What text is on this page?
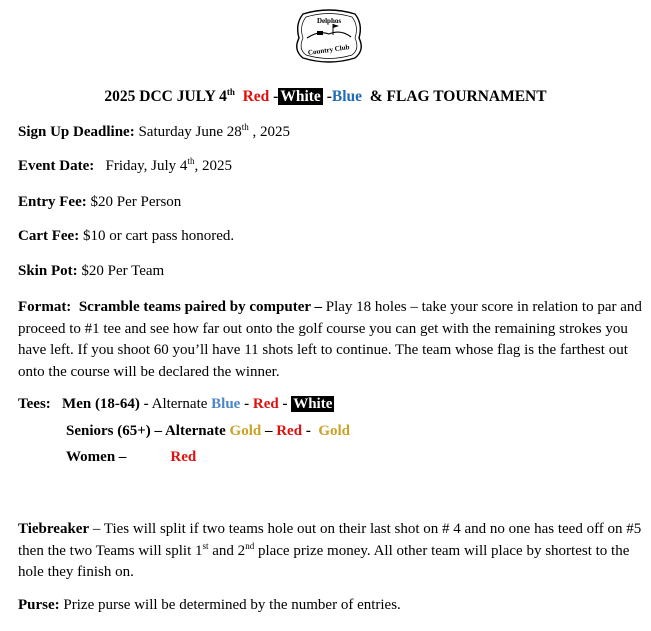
Delphos
Country Club
2025 DCC JULY 4th Red - White -Blue & FLAG TOURNAMENT
Sign Up Deadline: Saturday June 28th , 2025
Event Date: Friday, July 4th, 2025
Entry Fee: $20 Per Person
Cart Fee: $10 or cart pass honored.
Skin Pot: $20 Per Team
Format: Scramble teams paired by computer – Play 18 holes – take your score in relation to par and proceed to #1 tee and see how far out onto the golf course you can get with the remaining strokes you have left. If you shoot 60 you’ll have 11 shots left to continue. The team whose flag is the farthest out onto the course will be declared the winner.
Tees: Men (18-64) - Alternate Blue - Red - White
Seniors (65+) – Alternate Gold – Red - Gold
Women –	Red
Tiebreaker – Ties will split if two teams hole out on their last shot on # 4 and no one has teed off on #5 then the two Teams will split 1st and 2nd place prize money. All other team will place by shortest to the hole they finish on.
Purse: Prize purse will be determined by the number of entries.
